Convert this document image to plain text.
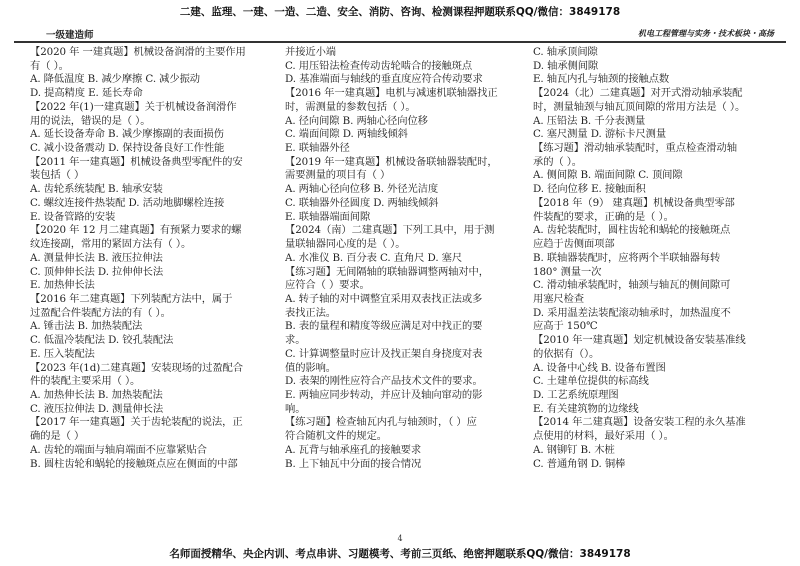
二建、监理、一建、一造、二造、安全、消防、咨询、检测课程押题联系QQ/微信：3849178
一级建造师	机电工程管理与实务・技术板块・高扬
【2020 年 一建真题】机械设备润滑的主要作用
有（ ）。
A. 降低温度 B. 减少摩擦 C. 减少振动
D. 提高精度 E. 延长寿命
【2022 年(1)一建真题】关于机械设备润滑作
用的说法，错误的是（ ）。
A. 延长设备寿命 B. 减少摩擦副的表面损伤
C. 减小设备震动 D. 保持设备良好工作性能
【2011 年一建真题】机械设备典型零配件的安
装包括（ ）
A. 齿轮系统装配 B. 轴承安装
C. 螺纹连接件热装配 D. 活动地脚螺栓连接
E. 设备管路的安装
【2020 年 12 月二建真题】有预紧力要求的螺
纹连接副，常用的紧固方法有（ ）。
A. 测量伸长法 B. 液压拉伸法
C. 顶伸伸长法 D. 拉伸伸长法
E. 加热伸长法
【2016 年二建真题】下列装配方法中，属于
过盈配合件装配方法的有（ ）。
A. 锤击法 B. 加热装配法
C. 低温冷装配法 D. 铰孔装配法
E. 压入装配法
【2023 年(1d)二建真题】安装现场的过盈配合
件的装配主要采用（ ）。
A. 加热伸长法 B. 加热装配法
C. 液压拉伸法 D. 测量伸长法
【2017 年一建真题】关于齿轮装配的说法，正
确的是（ ）
A. 齿轮的端面与轴肩端面不应靠紧贴合
B. 圆柱齿轮和蜗轮的接触斑点应在侧面的中部
并接近小端
C. 用压铅法检查传动齿轮啮合的接触斑点
D. 基准端面与轴线的垂直度应符合传动要求
【2016 年一建真题】电机与减速机联轴器找正
时，需测量的参数包括（ ）。
A. 径向间隙 B. 两轴心径向位移
C. 端面间隙 D. 两轴线倾斜
E. 联轴器外径
【2019 年一建真题】机械设备联轴器装配时，
需要测量的项目有（ ）
A. 两轴心径向位移 B. 外径光洁度
C. 联轴器外径圆度 D. 两轴线倾斜
E. 联轴器端面间隙
【2024（南）二建真题】下列工具中，用于测
量联轴器同心度的是（ ）。
A. 水准仪 B. 百分表 C. 直角尺 D. 塞尺
【练习题】无间隔轴的联轴器调整两轴对中，
应符合（ ）要求。
A. 转子轴的对中调整宜采用双表找正法或多
表找正法。
B. 表的量程和精度等级应满足对中找正的要
求。
C. 计算调整量时应计及找正架自身挠度对表
值的影响。
D. 表架的刚性应符合产品技术文件的要求。
E. 两轴应同步转动，并应计及轴向窜动的影
响。
【练习题】检查轴瓦内孔与轴颈时，（ ）应
符合随机文件的规定。
A. 瓦背与轴承座孔的接触要求
B. 上下轴瓦中分面的接合情况
C. 轴承顶间隙
D. 轴承侧间隙
E. 轴瓦内孔与轴颈的接触点数
【2024（北）二建真题】对开式滑动轴承装配
时，测量轴颈与轴瓦顶间隙的常用方法是（ ）。
A. 压铅法 B. 千分表测量
C. 塞尺测量 D. 游标卡尺测量
【练习题】滑动轴承装配时，重点检查滑动轴
承的（ ）。
A. 侧间隙 B. 端面间隙 C. 顶间隙
D. 径向位移 E. 接触面积
【2018 年（9） 建真题】机械设备典型零部
件装配的要求，正确的是（ ）。
A. 齿轮装配时，圆柱齿轮和蜗轮的接触斑点
应趋于齿侧面项部
B. 联轴器装配时，应将两个半联轴器每转
180° 测量一次
C. 滑动轴承装配时，轴颈与轴瓦的侧间隙可
用塞尺检查
D. 采用温差法装配滚动轴承时，加热温度不
应高于 150℃
【2010 年一建真题】划定机械设备安装基准线
的依据有（）。
A. 设备中心线 B. 设备布置图
C. 土建单位提供的标高线
D. 工艺系统原理图
E. 有关建筑物的边缘线
【2014 年二建真题】设备安装工程的永久基准
点使用的材料，最好采用（ ）。
A. 钢铆钉 B. 木桩
C. 普通角钢 D. 铜棒
4
名师面授精华、央企内训、考点串讲、习题模考、考前三页纸、绝密押题联系QQ/微信：3849178
